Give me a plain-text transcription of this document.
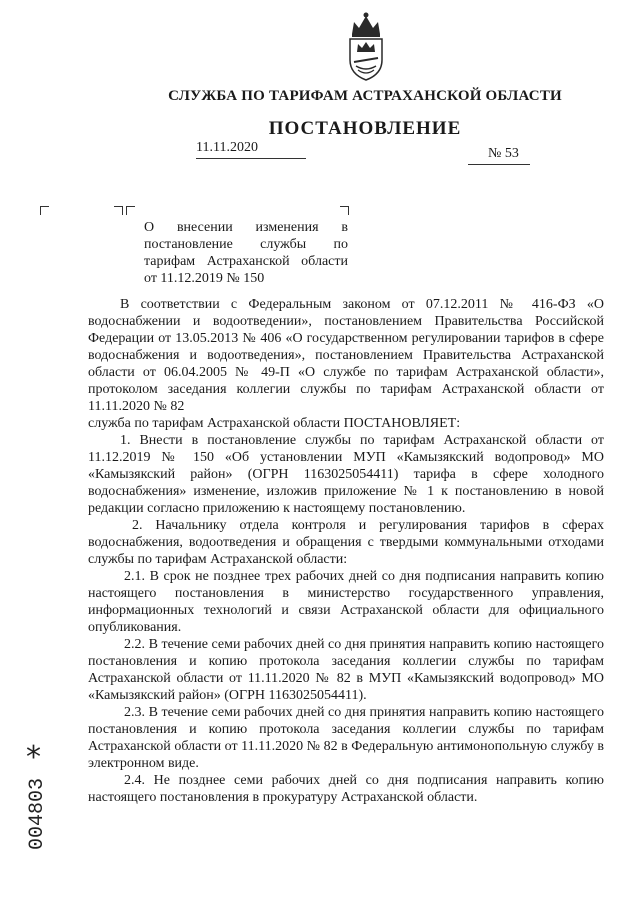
СЛУЖБА ПО ТАРИФАМ АСТРАХАНСКОЙ ОБЛАСТИ
ПОСТАНОВЛЕНИЕ
11.11.2020	№ 53
О внесении изменения в постановление службы по тарифам Астраханской области от 11.12.2019 № 150

В соответствии с Федеральным законом от 07.12.2011 № 416-ФЗ «О водоснабжении и водоотведении», постановлением Правительства Российской Федерации от 13.05.2013 № 406 «О государственном регулировании тарифов в сфере водоснабжения и водоотведения», постановлением Правительства Астраханской области от 06.04.2005 № 49-П «О службе по тарифам Астраханской области», протоколом заседания коллегии службы по тарифам Астраханской области от 11.11.2020 № 82

служба по тарифам Астраханской области ПОСТАНОВЛЯЕТ:

1. Внести в постановление службы по тарифам Астраханской области от 11.12.2019 № 150 «Об установлении МУП «Камызякский водопровод» МО «Камызякский район» (ОГРН 1163025054411) тарифа в сфере холодного водоснабжения» изменение, изложив приложение № 1 к постановлению в новой редакции согласно приложению к настоящему постановлению.

2. Начальнику отдела контроля и регулирования тарифов в сферах водоснабжения, водоотведения и обращения с твердыми коммунальными отходами службы по тарифам Астраханской области:

2.1. В срок не позднее трех рабочих дней со дня подписания направить копию настоящего постановления в министерство государственного управления, информационных технологий и связи Астраханской области для официального опубликования.

2.2. В течение семи рабочих дней со дня принятия направить копию настоящего постановления и копию протокола заседания коллегии службы по тарифам Астраханской области от 11.11.2020 № 82 в МУП «Камызякский водопровод» МО «Камызякский район» (ОГРН 1163025054411).

2.3. В течение семи рабочих дней со дня принятия направить копию настоящего постановления и копию протокола заседания коллегии службы по тарифам Астраханской области от 11.11.2020 № 82 в Федеральную антимонопольную службу в электронном виде.

2.4. Не позднее семи рабочих дней со дня подписания направить копию настоящего постановления в прокуратуру Астраханской области.

*
004803
